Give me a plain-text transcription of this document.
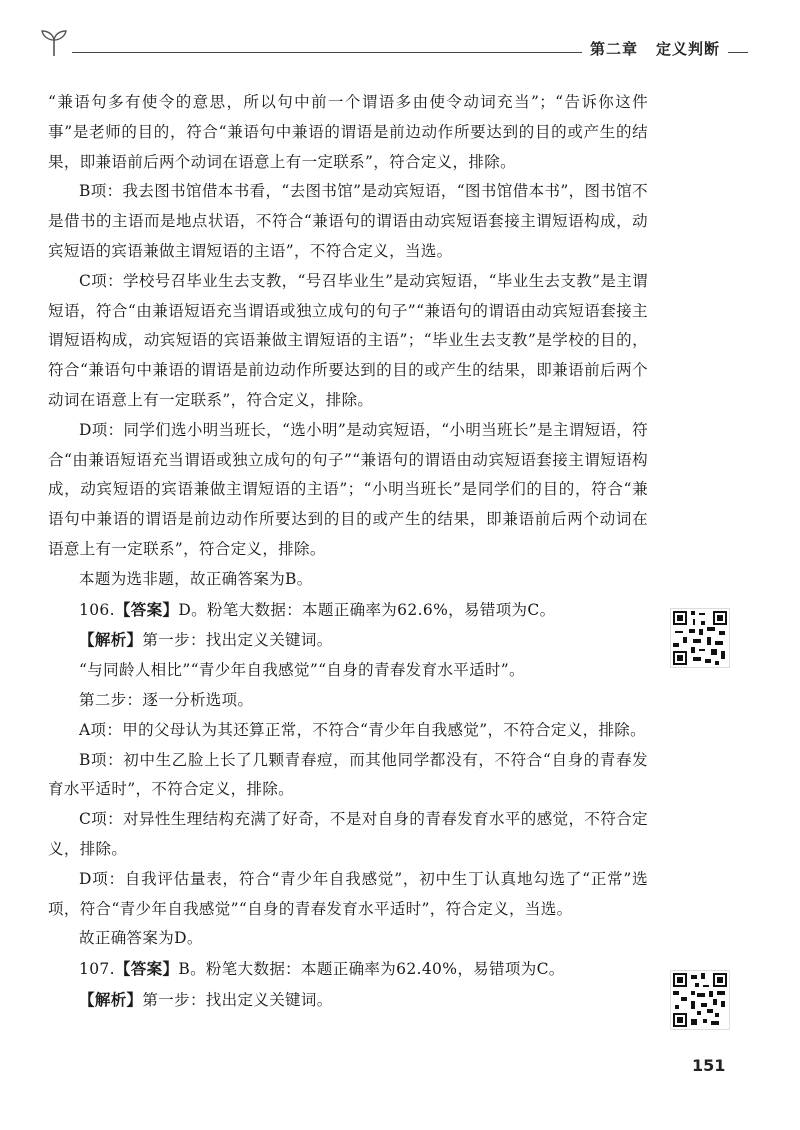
第二章 定义判断

“兼语句多有使令的意思，所以句中前一个谓语多由使令动词充当”；“告诉你这件事”是老师的目的，符合“兼语句中兼语的谓语是前边动作所要达到的目的或产生的结果，即兼语前后两个动词在语意上有一定联系”，符合定义，排除。

B项：我去图书馆借本书看，“去图书馆”是动宾短语，“图书馆借本书”，图书馆不是借书的主语而是地点状语，不符合“兼语句的谓语由动宾短语套接主谓短语构成，动宾短语的宾语兼做主谓短语的主语”，不符合定义，当选。

C项：学校号召毕业生去支教，“号召毕业生”是动宾短语，“毕业生去支教”是主谓短语，符合“由兼语短语充当谓语或独立成句的句子”“兼语句的谓语由动宾短语套接主谓短语构成，动宾短语的宾语兼做主谓短语的主语”；“毕业生去支教”是学校的目的，符合“兼语句中兼语的谓语是前边动作所要达到的目的或产生的结果，即兼语前后两个动词在语意上有一定联系”，符合定义，排除。

D项：同学们选小明当班长，“选小明”是动宾短语，“小明当班长”是主谓短语，符合“由兼语短语充当谓语或独立成句的句子”“兼语句的谓语由动宾短语套接主谓短语构成，动宾短语的宾语兼做主谓短语的主语”；“小明当班长”是同学们的目的，符合“兼语句中兼语的谓语是前边动作所要达到的目的或产生的结果，即兼语前后两个动词在语意上有一定联系”，符合定义，排除。

本题为选非题，故正确答案为B。

106.【答案】D。粉笔大数据：本题正确率为62.6%，易错项为C。

【解析】第一步：找出定义关键词。

“与同龄人相比”“青少年自我感觉”“自身的青春发育水平适时”。

第二步：逐一分析选项。

A项：甲的父母认为其还算正常，不符合“青少年自我感觉”，不符合定义，排除。

B项：初中生乙脸上长了几颗青春痘，而其他同学都没有，不符合“自身的青春发育水平适时”，不符合定义，排除。

C项：对异性生理结构充满了好奇，不是对自身的青春发育水平的感觉，不符合定义，排除。

D项：自我评估量表，符合“青少年自我感觉”，初中生丁认真地勾选了“正常”选项，符合“青少年自我感觉”“自身的青春发育水平适时”，符合定义，当选。

故正确答案为D。

107.【答案】B。粉笔大数据：本题正确率为62.40%，易错项为C。

【解析】第一步：找出定义关键词。

151
